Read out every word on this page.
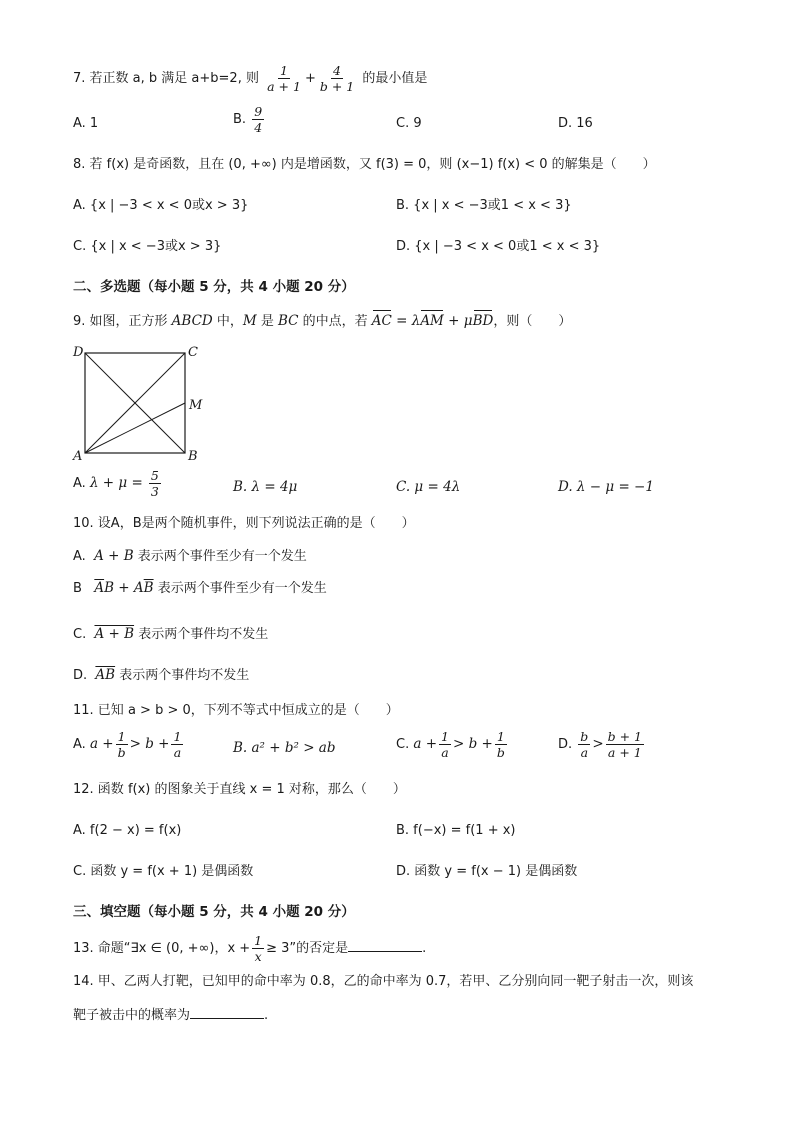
7. 若正数 a, b 满足 a+b=2, 则 $\frac{1}{a + 1} + \frac{4}{b + 1}$ 的最小值是
A. 1	B. $\frac{9}{4}$	C. 9	D. 16
8. 若 f(x) 是奇函数，且在 (0, +∞) 内是增函数，又 f(3) = 0，则 (x−1) f(x) < 0 的解集是（　　）
A. {x | −3 < x < 0或x > 3}	B. {x | x < −3或1 < x < 3}
C. {x | x < −3或x > 3}	D. {x | −3 < x < 0或1 < x < 3}
二、多选题（每小题 5 分，共 4 小题 20 分）
9. 如图，正方形 ABCD 中，M 是 BC 的中点，若 AC = λAM + μBD，则（　　）
D	C
M
A	B
A. $\lambda + \mu = \frac{5}{3}$	B. λ = 4μ	C. μ = 4λ	D. λ − μ = −1
10. 设A，B是两个随机事件，则下列说法正确的是（　　）
A. A + B 表示两个事件至少有一个发生
B $\overline{A}B + A\overline{B}$ 表示两个事件至少有一个发生
C. A + B 表示两个事件均不发生
D. $\overline{AB}$ 表示两个事件均不发生
11. 已知 a > b > 0，下列不等式中恒成立的是（　　）
A. $a + \frac{1}{b} > b + \frac{1}{a}$	B. a² + b² > ab	C. $a + \frac{1}{a} > b + \frac{1}{b}$	D. $\frac{b}{a} > \frac{b + 1}{a + 1}$
12. 函数 f(x) 的图象关于直线 x = 1 对称，那么（　　）
A. f(2 − x) = f(x)	B. f(−x) = f(1 + x)
C. 函数 y = f(x + 1) 是偶函数	D. 函数 y = f(x − 1) 是偶函数
三、填空题（每小题 5 分，共 4 小题 20 分）
13. 命题“∃x ∈ (0, +∞)，$x + \frac{1}{x} \ge 3$”的否定是	.
14. 甲、乙两人打靶，已知甲的命中率为 0.8，乙的命中率为 0.7，若甲、乙分别向同一靶子射击一次，则该
靶子被击中的概率为	.
